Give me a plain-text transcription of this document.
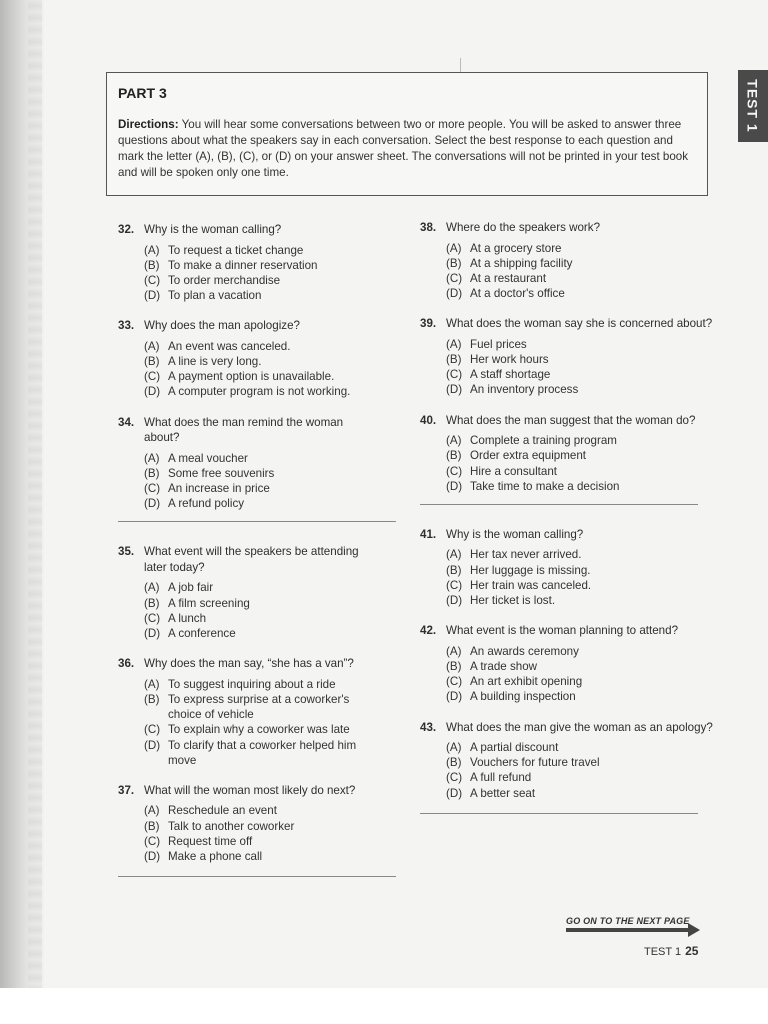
TEST 1

PART 3

Directions: You will hear some conversations between two or more people. You will be asked to answer three questions about what the speakers say in each conversation. Select the best response to each question and mark the letter (A), (B), (C), or (D) on your answer sheet. The conversations will not be printed in your test book and will be spoken only one time.

32. Why is the woman calling?
(A) To request a ticket change
(B) To make a dinner reservation
(C) To order merchandise
(D) To plan a vacation
33. Why does the man apologize?
(A) An event was canceled.
(B) A line is very long.
(C) A payment option is unavailable.
(D) A computer program is not working.
34. What does the man remind the woman about?
(A) A meal voucher
(B) Some free souvenirs
(C) An increase in price
(D) A refund policy
35. What event will the speakers be attending later today?
(A) A job fair
(B) A film screening
(C) A lunch
(D) A conference
36. Why does the man say, “she has a van”?
(A) To suggest inquiring about a ride
(B) To express surprise at a coworker's choice of vehicle
(C) To explain why a coworker was late
(D) To clarify that a coworker helped him move
37. What will the woman most likely do next?
(A) Reschedule an event
(B) Talk to another coworker
(C) Request time off
(D) Make a phone call
38. Where do the speakers work?
(A) At a grocery store
(B) At a shipping facility
(C) At a restaurant
(D) At a doctor's office
39. What does the woman say she is concerned about?
(A) Fuel prices
(B) Her work hours
(C) A staff shortage
(D) An inventory process
40. What does the man suggest that the woman do?
(A) Complete a training program
(B) Order extra equipment
(C) Hire a consultant
(D) Take time to make a decision
41. Why is the woman calling?
(A) Her tax never arrived.
(B) Her luggage is missing.
(C) Her train was canceled.
(D) Her ticket is lost.
42. What event is the woman planning to attend?
(A) An awards ceremony
(B) A trade show
(C) An art exhibit opening
(D) A building inspection
43. What does the man give the woman as an apology?
(A) A partial discount
(B) Vouchers for future travel
(C) A full refund
(D) A better seat
GO ON TO THE NEXT PAGE
TEST 1 25
